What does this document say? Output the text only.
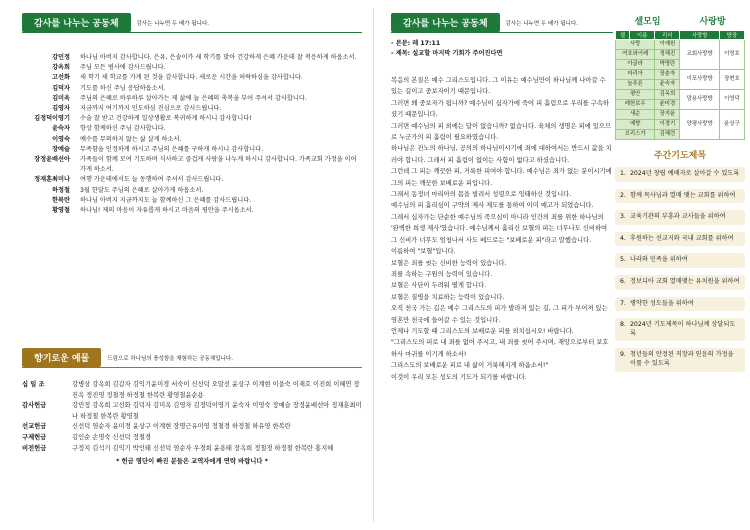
감사를 나누는 공동체	감사는 나누면 두 배가 됩니다.
강민정	하나님 아버지 감사합니다. 은유, 은솔이가 새 학기를 맞아 건강하게 은혜 가운데 잘 적응하게 하옵소서.
강옥희	주님 모든 범사에 감사드립니다.
고선화	새 학기 새 학교를 가게 된 것을 감사합니다. 새로운 시간을 허락하심을 감사합니다.
김덕자	기도를 하신 주님 응답하옵소서.
김미옥	주님의 은혜로 하루하루 살아가는 제 삶에 늘 은혜의 축복을 부어 주셔서 감사합니다.
김영자	지금까지 여기까지 인도하심 진심으로 감사드립니다.
김정덕이영기	수술 잘 받고 건강하게 일상생활로 복귀하게 하시니 감사합니다!
윤숙자	항상 함께하신 주님 감사합니다.
이영숙	예수를 무의하지 않는 삶 살게 하소서.
장예슬	무족함을 인정하게 하시고 주님의 은혜를 구하게 하시니 감사합니다.
장정윤배선아	가족들이 함께 모여 기도하며 식사하고 즐겁게 사랑을 나누게 하시니 감사합니다. 가족교회 가정을 이어가게 하소서.
정재훈최미나	여행 가운데에서도 늘 동행하여 주셔서 감사드립니다.
하정철	3월 한달도 주님의 은혜로 살아가게 하옵소서.
한복란	하나님 아버지 지금까지도 늘 함께하신 그 은혜를 감사드립니다.
황영철	하나님! 제의 마음이 자유롭게 하시고 마음의 평안을 주시옵소서.
향기로운 예물	드림으로 하나님의 풍성함을 체험하는 공동체입니다.
십 일 조	강병상 강옥희 김갑자 김익기윤미경 서숙이 신선덕 오말선 윤상구 이계현 이을숙 이재호 이진희 이혜연 장진옥 정진영 정철경 하정철 한복란 황영철윤순용
감사헌금	강민정 강옥희 고선화 김덕자 김미옥 김영자 김정덕이영기 윤숙자 이영숙 장예슬 장정윤배선아 정재훈최미나 하정철 한복란 황영철
선교헌금	신선덕 염순자 윤미경 윤상구 이계현 장명근유미영 정철경 하정철 하유영 한복란
구제헌금	김인순 손명숙 신선덕 정철경
비전헌금	구정지 김석기 김익기 박인태 신선덕 염순자 우경희 윤용태 장옥희 정철경 하정철 한복란 홍지혜
* 헌금 명단이 빠진 분들은 교역자에게 연락 바랍니다 *
감사를 나누는 공동체	감사는 나누면 두 배가 됩니다.
- 본문: 레 17:11
- 제목: 설교할 마지막 기회가 주어진다면
복음의 본질은 예수 그리스도입니다. 그 이유는 예수님만이 하나님께 나아갈 수 있는 길이고 중보자이기 때문입니다.
그러면 왜 중보자가 됩니까? 예수님이 십자가에 죽어 피 흘림으로 우리를 구속하셨기 때문입니다.
그러면 예수님의 피 외에는 답이 없습니까? 없습니다. 육체의 생명은 피에 있으므로 누군가의 피 흘림이 필요하였습니다.
하나님은 진노의 하나님, 공의의 하나님이시기에 죄에 대하여서는 반드시 값을 치러야 합니다. 그래서 피 흘림이 없이는 사함이 없다고 하셨습니다.
그런데 그 피는 깨끗한 피, 거룩한 피여야 합니다. 예수님은 죄가 없는 분이시기에 그의 피는 깨끗한 보배로운 피입니다.
그래서 동정녀 마리아의 몸을 빌려서 성령으로 잉태하신 것입니다.
예수님의 피 흘리심이 구약의 제사 제도를 통하여 이미 예고가 되었습니다.
그래서 십자가는 단순한 예수님의 죽으심이 아니라 인간의 죄를 위한 하나님의 '완벽한 희생 제사'였습니다. 예수님께서 흘리신 보혈의 피는 너무나도 신비하여 그 신비가 너무도 엄청나서 사도 베드로는 "보배로운 피"라고 말했습니다.
이름하여 "보혈"입니다.
보혈은 죄를 씻는 신비한 능력이 있습니다.
죄를 속하는 구원의 능력이 있습니다.
보혈은 사단이 두려워 떨게 합니다.
보혈은 질병을 치료하는 능력이 있습니다.
오직 천국 가는 길은 예수 그리스도의 피가 발라져 있는 길, 그 피가 부어져 있는 영혼만 천국에 들어갈 수 있는 것입니다.
언제나 기도할 때 그리스도의 보배로운 피를 외치십시오! 바랍니다.
"그리스도의 피로 내 죄를 없어 주시고, 내 죄를 씻어 주시며, 재앙으로부터 보호하사 마귀를 이기게 하소서!
그리스도의 보배로운 피로 내 삶이 거룩해지게 하옵소서!"
이것이 우리 모든 성도의 기도가 되기를 바랍니다.
셀모임	사랑방
셀	이름	리더	사랑방	방장
사랑		이예원	교회사랑방	이영호
여호와이레		정해진		
아굴라		박명란		
마리아		장춘자	이포사랑방	장현호
늘푸른		윤숙자		
평안		김옥희	맘용사랑방	이영덕
레헌보우		윤미경		
새순		장지윤	양평사랑방	윤상구
예향		이경기		
브리스가		김혜련		
주간기도제목
1. 2024년 창립 예배자로 살아갈 수 있도록
2. 함께 목사님과 열매 맺는 교회를 위하여
3. 교육기관의 부흥과 교사들을 위하여
4. 후원하는 선교지와 국내 교회를 위하여
5. 나라와 민족을 위하여
6. 정보디아 교회 열매맺는 유치원을 위하여
7. 병약한 성도들을 위하여
8. 2024년 기도제목이 하나님께 상달되도록
9. 청년들의 안정된 직장과 믿음의 가정을 이룰 수 있도록
